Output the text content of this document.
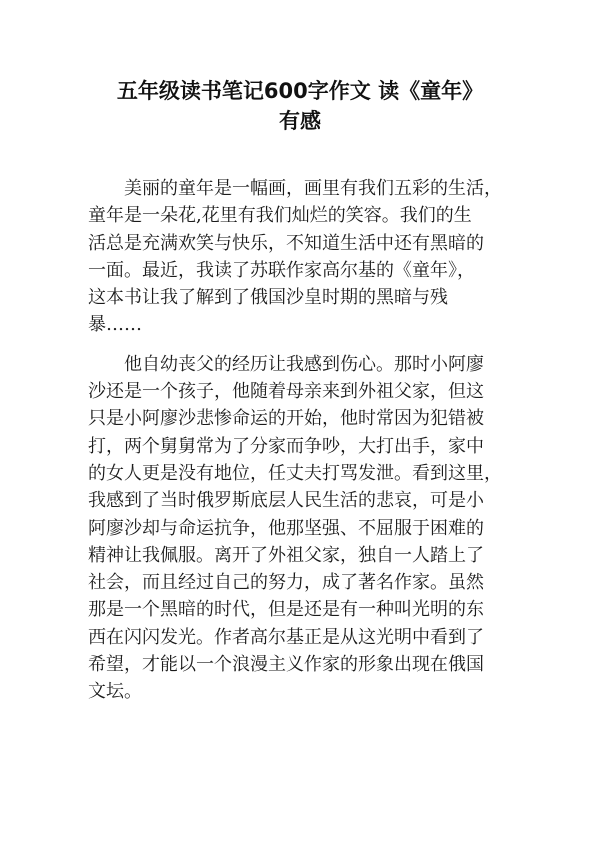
五年级读书笔记600字作文 读《童年》
有感

美丽的童年是一幅画，画里有我们五彩的生活，
童年是一朵花,花里有我们灿烂的笑容。我们的生
活总是充满欢笑与快乐，不知道生活中还有黑暗的
一面。最近，我读了苏联作家高尔基的《童年》，
这本书让我了解到了俄国沙皇时期的黑暗与残
暴……

他自幼丧父的经历让我感到伤心。那时小阿廖
沙还是一个孩子，他随着母亲来到外祖父家，但这
只是小阿廖沙悲惨命运的开始，他时常因为犯错被
打，两个舅舅常为了分家而争吵，大打出手，家中
的女人更是没有地位，任丈夫打骂发泄。看到这里，
我感到了当时俄罗斯底层人民生活的悲哀，可是小
阿廖沙却与命运抗争，他那坚强、不屈服于困难的
精神让我佩服。离开了外祖父家，独自一人踏上了
社会，而且经过自己的努力，成了著名作家。虽然
那是一个黑暗的时代，但是还是有一种叫光明的东
西在闪闪发光。作者高尔基正是从这光明中看到了
希望，才能以一个浪漫主义作家的形象出现在俄国
文坛。
